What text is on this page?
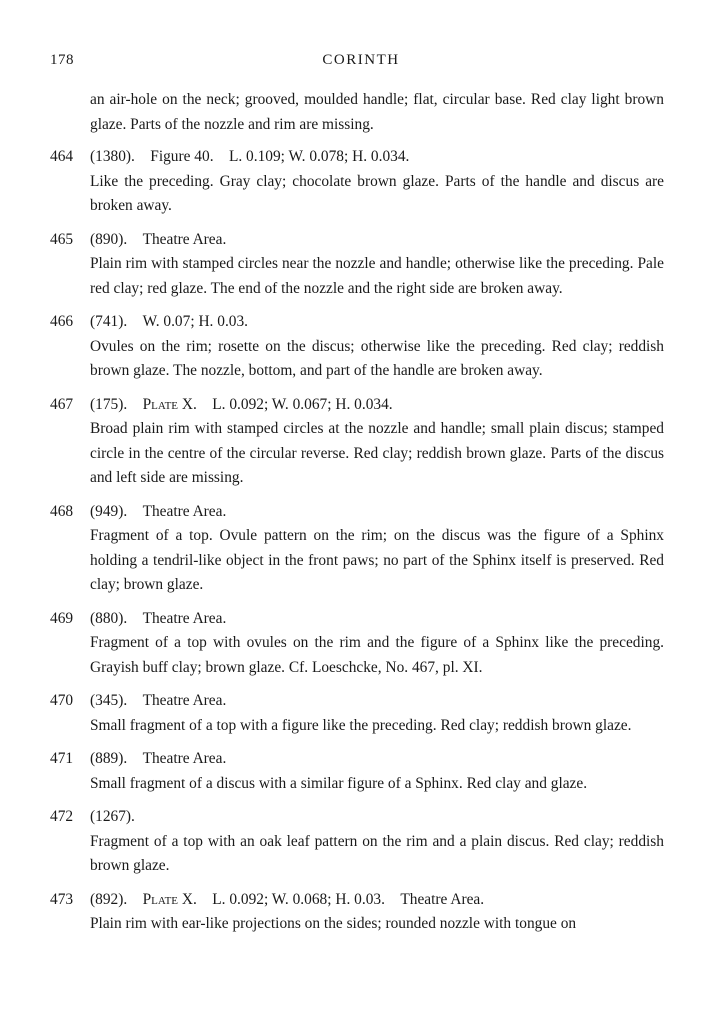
178	CORINTH

an air-hole on the neck; grooved, moulded handle; flat, circular base. Red clay light brown glaze. Parts of the nozzle and rim are missing.

464 (1380).  Figure 40.  L. 0.109; W. 0.078; H. 0.034. 

Like the preceding. Gray clay; chocolate brown glaze. Parts of the handle and discus are broken away.

465 (890).  Theatre Area.

Plain rim with stamped circles near the nozzle and handle; otherwise like the preceding. Pale red clay; red glaze. The end of the nozzle and the right side are broken away.

466 (741).  W. 0.07; H. 0.03. 

Ovules on the rim; rosette on the discus; otherwise like the preceding. Red clay; reddish brown glaze. The nozzle, bottom, and part of the handle are broken away.

467 (175).  Plate X.  L. 0.092; W. 0.067; H. 0.034. 

Broad plain rim with stamped circles at the nozzle and handle; small plain discus; stamped circle in the centre of the circular reverse. Red clay; reddish brown glaze. Parts of the discus and left side are missing.

468 (949).  Theatre Area.

Fragment of a top. Ovule pattern on the rim; on the discus was the figure of a Sphinx holding a tendril-like object in the front paws; no part of the Sphinx itself is preserved. Red clay; brown glaze.

469 (880).  Theatre Area.

Fragment of a top with ovules on the rim and the figure of a Sphinx like the preceding. Grayish buff clay; brown glaze. Cf. Loeschcke, No. 467, pl. XI.

470 (345).  Theatre Area.

Small fragment of a top with a figure like the preceding. Red clay; reddish brown glaze.

471 (889).  Theatre Area.

Small fragment of a discus with a similar figure of a Sphinx. Red clay and glaze.

472 (1267). 

Fragment of a top with an oak leaf pattern on the rim and a plain discus. Red clay; reddish brown glaze.

473 (892).  Plate X.  L. 0.092; W. 0.068; H. 0.03.  Theatre Area.

Plain rim with ear-like projections on the sides; rounded nozzle with tongue on
